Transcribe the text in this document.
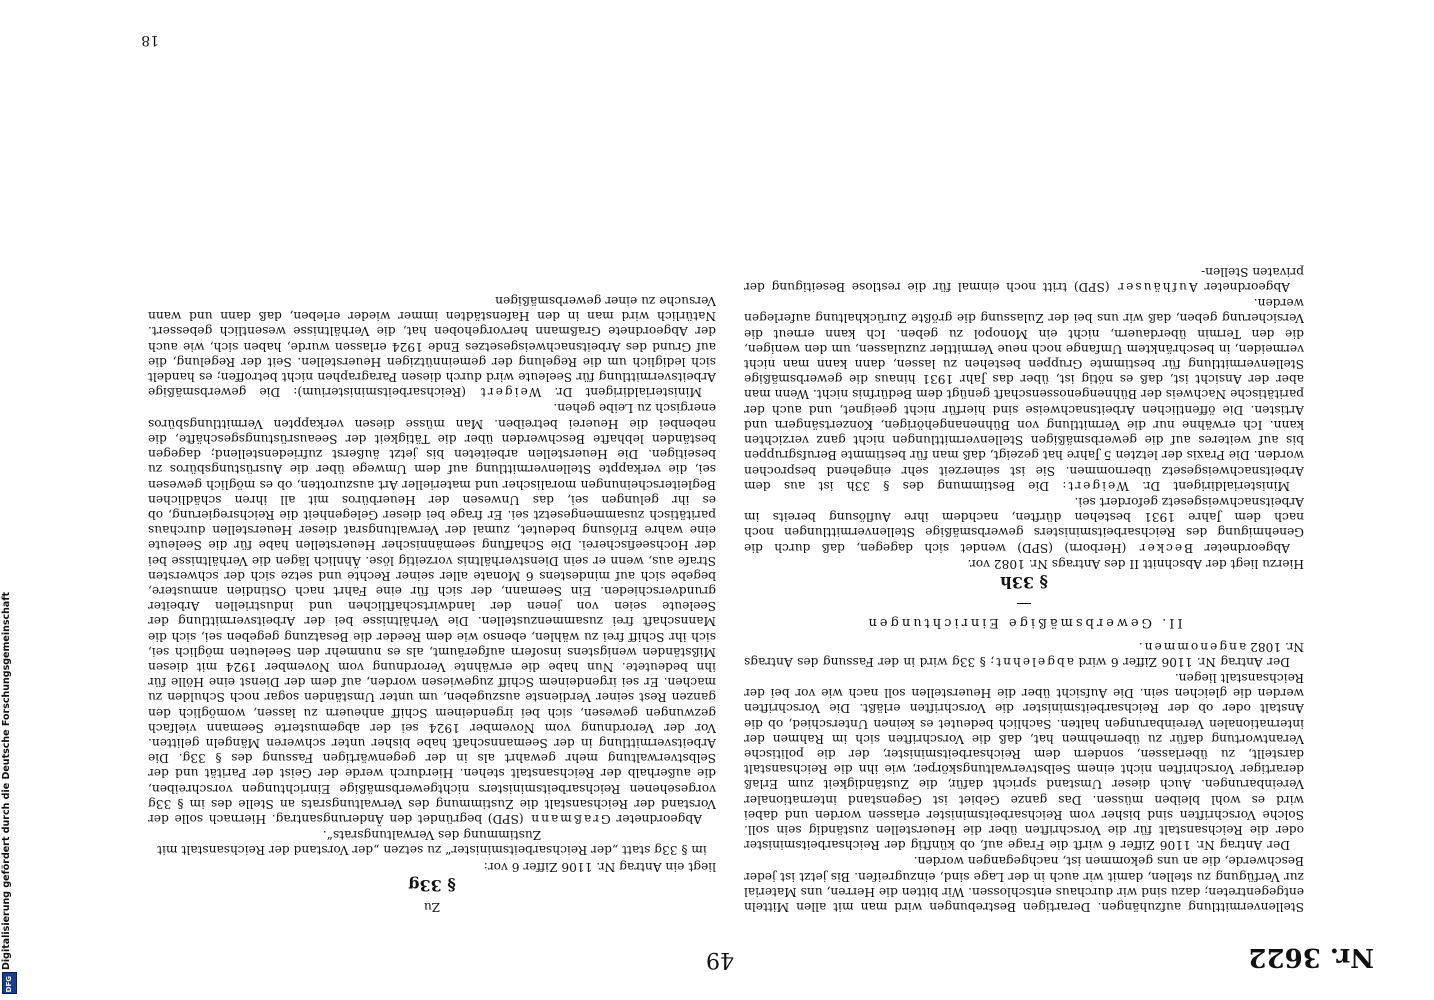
Nr. 3622
49
18

Stellenvermittlung aufzuhängen. Derartigen Bestrebungen wird man mit allen Mitteln entgegentreten; dazu sind wir durchaus entschlossen. Wir bitten die Herren, uns Material zur Verfügung zu stellen, damit wir auch in der Lage sind, einzugreifen. Bis jetzt ist jeder Beschwerde, die an uns gekommen ist, nachgegangen worden.

Der Antrag Nr. 1106 Ziffer 6 wirft die Frage auf, ob künftig der Reichsarbeitsminister oder die Reichsanstalt für die Vorschriften über die Heuerstellen zuständig sein soll. Solche Vorschriften sind bisher vom Reichsarbeitsminister erlassen worden und dabei wird es wohl bleiben müssen. Das ganze Gebiet ist Gegenstand internationaler Vereinbarungen. Auch dieser Umstand spricht dafür, die Zuständigkeit zum Erlaß derartiger Vorschriften nicht einem Selbstverwaltungskörper, wie ihn die Reichsanstalt darstellt, zu überlassen, sondern dem Reichsarbeitsminister, der die politische Verantwortung dafür zu übernehmen hat, daß die Vorschriften sich im Rahmen der internationalen Vereinbarungen halten. Sachlich bedeutet es keinen Unterschied, ob die Anstalt oder ob der Reichsarbeitsminister die Vorschriften erläßt. Die Vorschriften werden die gleichen sein. Die Aufsicht über die Heuerstellen soll nach wie vor bei der Reichsanstalt liegen.

Der Antrag Nr. 1106 Ziffer 6 wird abgelehnt; § 33g wird in der Fassung des Antrags Nr. 1082 angenommen.

II. Gewerbsmäßige Einrichtungen
§ 33h

Hierzu liegt der Abschnitt II des Antrags Nr. 1082 vor.

Abgeordneter Becker (Herborn) (SPD) wendet sich dagegen, daß durch die Genehmigung des Reichsarbeitsministers gewerbsmäßige Stellenvermittlungen noch nach dem Jahre 1931 bestehen dürften, nachdem ihre Auflösung bereits im Arbeitsnachweisgesetz gefordert sei.

Ministerialdirigent Dr. Weigert: Die Bestimmung des § 33h ist aus dem Arbeitsnachweisgesetz übernommen. Sie ist seinerzeit sehr eingehend besprochen worden. Die Praxis der letzten 5 Jahre hat gezeigt, daß man für bestimmte Berufsgruppen bis auf weiteres auf die gewerbsmäßigen Stellenvermittlungen nicht ganz verzichten kann. Ich erwähne nur die Vermittlung von Bühnenangehörigen, Konzertsängern und Artisten. Die öffentlichen Arbeitsnachweise sind hierfür nicht geeignet, und auch der paritätische Nachweis der Bühnengenossenschaft genügt dem Bedürfnis nicht. Wenn man aber der Ansicht ist, daß es nötig ist, über das Jahr 1931 hinaus die gewerbsmäßige Stellenvermittlung für bestimmte Gruppen bestehen zu lassen, dann kann man nicht vermeiden, in beschränktem Umfange noch neue Vermittler zuzulassen, um den wenigen, die den Termin überdauern, nicht ein Monopol zu geben. Ich kann erneut die Versicherung geben, daß wir uns bei der Zulassung die größte Zurückhaltung auferlegen werden.

Abgeordneter Aufhäuser (SPD) tritt noch einmal für die restlose Beseitigung der privaten Stellen-

Zu
§ 33g

liegt ein Antrag Nr. 1106 Ziffer 6 vor:

im § 33g statt „der Reichsarbeitsminister“ zu setzen „der Vorstand der Reichsanstalt mit Zustimmung des Verwaltungsrats“.

Abgeordneter Graßmann (SPD) begründet den Änderungsantrag. Hiernach solle der Vorstand der Reichsanstalt die Zustimmung des Verwaltungsrats an Stelle des im § 33g vorgesehenen Reichsarbeitsministers nichtgewerbsmäßige Einrichtungen vorschreiben, die außerhalb der Reichsanstalt stehen. Hierdurch werde der Geist der Parität und der Selbstverwaltung mehr gewahrt als in der gegenwärtigen Fassung des § 33g. Die Arbeitsvermittlung in der Seemannschaft habe bisher unter schweren Mängeln gelitten. Vor der Verordnung vom November 1924 sei der abgemusterte Seemann vielfach gezwungen gewesen, sich bei irgendeinem Schiff anheuern zu lassen, womöglich den ganzen Rest seiner Verdienste auszugeben, um unter Umständen sogar noch Schulden zu machen. Er sei irgendeinem Schiff zugewiesen worden, auf dem der Dienst eine Hölle für ihn bedeutete. Nun habe die erwähnte Verordnung vom November 1924 mit diesen Mißständen wenigstens insofern aufgeräumt, als es nunmehr den Seeleuten möglich sei, sich ihr Schiff frei zu wählen, ebenso wie dem Reeder die Besatzung gegeben sei, sich die Mannschaft frei zusammenzustellen. Die Verhältnisse bei der Arbeitsvermittlung der Seeleute seien von jenen der landwirtschaftlichen und industriellen Arbeiter grundverschieden. Ein Seemann, der sich für eine Fahrt nach Ostindien anmustere, begebe sich auf mindestens 6 Monate aller seiner Rechte und setze sich der schwersten Strafe aus, wenn er sein Dienstverhältnis vorzeitig löse. Ähnlich lägen die Verhältnisse bei der Hochseefischerei. Die Schaffung seemännischer Heuerstellen habe für die Seeleute eine wahre Erlösung bedeutet, zumal der Verwaltungsrat dieser Heuerstellen durchaus paritätisch zusammengesetzt sei. Er frage bei dieser Gelegenheit die Reichsregierung, ob es ihr gelungen sei, das Unwesen der Heuerbüros mit all ihren schädlichen Begleiterscheinungen moralischer und materieller Art auszurotten, ob es möglich gewesen sei, die verkappte Stellenvermittlung auf dem Umwege über die Ausrüstungsbüros zu beseitigen. Die Heuerstellen arbeiteten bis jetzt äußerst zufriedenstellend; dagegen beständen lebhafte Beschwerden über die Tätigkeit der Seeausrüstungsgeschäfte, die nebenbei die Heuerei betreiben. Man müsse diesen verkappten Vermittlungsbüros energisch zu Leibe gehen.

Ministerialdirigent Dr. Weigert (Reichsarbeitsministerium): Die gewerbsmäßige Arbeitsvermittlung für Seeleute wird durch diesen Paragraphen nicht betroffen; es handelt sich lediglich um die Regelung der gemeinnützigen Heuerstellen. Seit der Regelung, die auf Grund des Arbeitsnachweisgesetzes Ende 1924 erlassen wurde, haben sich, wie auch der Abgeordnete Graßmann hervorgehoben hat, die Verhältnisse wesentlich gebessert. Natürlich wird man in den Hafenstädten immer wieder erleben, daß dann und wann Versuche zu einer gewerbsmäßigen

Digitalisierung gefördert durch die Deutsche Forschungsgemeinschaft
DFG
